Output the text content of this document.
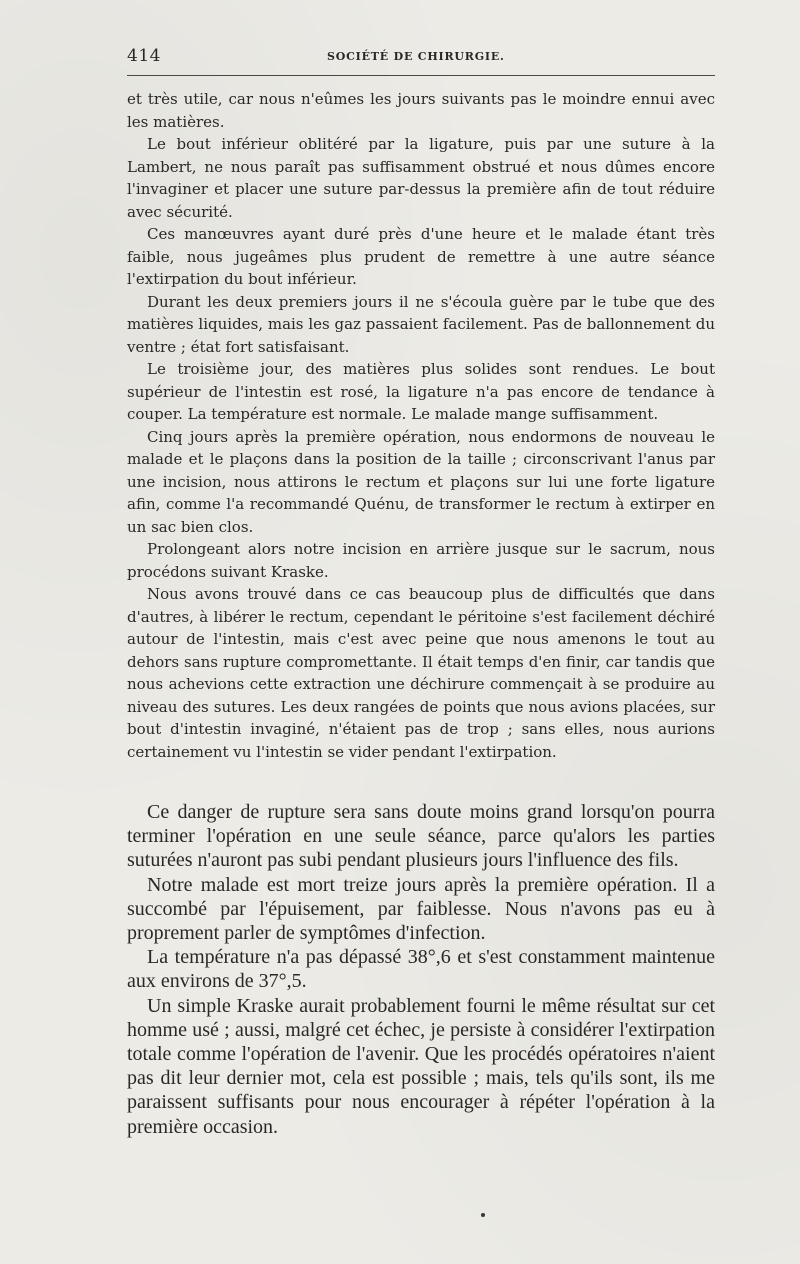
414	SOCIÉTÉ DE CHIRURGIE.

et très utile, car nous n'eûmes les jours suivants pas le moindre ennui avec les matières.

Le bout inférieur oblitéré par la ligature, puis par une suture à la Lambert, ne nous paraît pas suffisamment obstrué et nous dûmes encore l'invaginer et placer une suture par-dessus la première afin de tout réduire avec sécurité.

Ces manœuvres ayant duré près d'une heure et le malade étant très faible, nous jugeâmes plus prudent de remettre à une autre séance l'extirpation du bout inférieur.

Durant les deux premiers jours il ne s'écoula guère par le tube que des matières liquides, mais les gaz passaient facilement. Pas de ballonnement du ventre ; état fort satisfaisant.

Le troisième jour, des matières plus solides sont rendues. Le bout supérieur de l'intestin est rosé, la ligature n'a pas encore de tendance à couper. La température est normale. Le malade mange suffisamment.

Cinq jours après la première opération, nous endormons de nouveau le malade et le plaçons dans la position de la taille ; circonscrivant l'anus par une incision, nous attirons le rectum et plaçons sur lui une forte ligature afin, comme l'a recommandé Quénu, de transformer le rectum à extirper en un sac bien clos.

Prolongeant alors notre incision en arrière jusque sur le sacrum, nous procédons suivant Kraske.

Nous avons trouvé dans ce cas beaucoup plus de difficultés que dans d'autres, à libérer le rectum, cependant le péritoine s'est facilement déchiré autour de l'intestin, mais c'est avec peine que nous amenons le tout au dehors sans rupture compromettante. Il était temps d'en finir, car tandis que nous achevions cette extraction une déchirure commençait à se produire au niveau des sutures. Les deux rangées de points que nous avions placées, sur bout d'intestin invaginé, n'étaient pas de trop ; sans elles, nous aurions certainement vu l'intestin se vider pendant l'extirpation.

Ce danger de rupture sera sans doute moins grand lorsqu'on pourra terminer l'opération en une seule séance, parce qu'alors les parties suturées n'auront pas subi pendant plusieurs jours l'influence des fils.

Notre malade est mort treize jours après la première opération. Il a succombé par l'épuisement, par faiblesse. Nous n'avons pas eu à proprement parler de symptômes d'infection.

La température n'a pas dépassé 38°,6 et s'est constamment maintenue aux environs de 37°,5.

Un simple Kraske aurait probablement fourni le même résultat sur cet homme usé ; aussi, malgré cet échec, je persiste à considérer l'extirpation totale comme l'opération de l'avenir. Que les procédés opératoires n'aient pas dit leur dernier mot, cela est possible ; mais, tels qu'ils sont, ils me paraissent suffisants pour nous encourager à répéter l'opération à la première occasion.
